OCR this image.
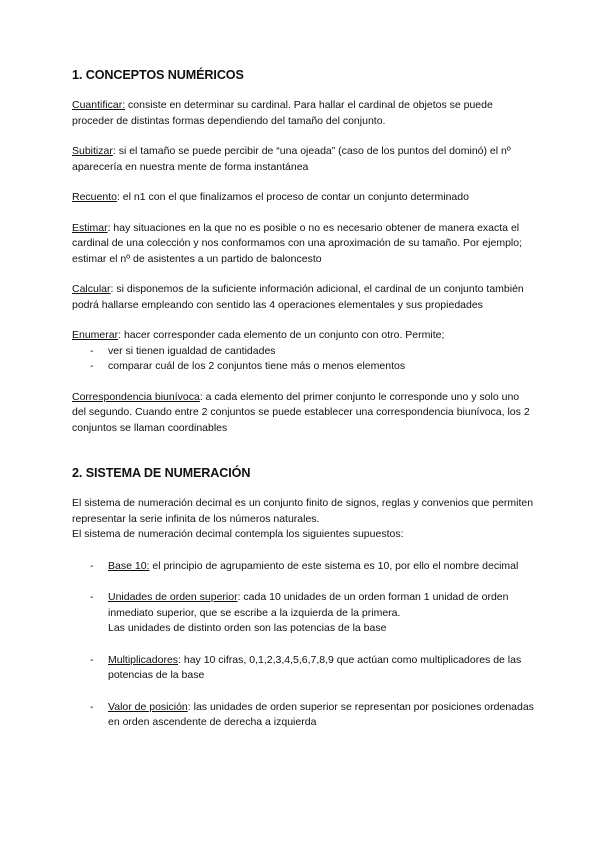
1. CONCEPTOS NUMÉRICOS

Cuantificar: consiste en determinar su cardinal. Para hallar el cardinal de objetos se puede proceder de distintas formas dependiendo del tamaño del conjunto.

Subitizar: si el tamaño se puede percibir de “una ojeada” (caso de los puntos del dominó) el nº aparecería en nuestra mente de forma instantánea

Recuento: el n1 con el que finalizamos el proceso de contar un conjunto determinado

Estimar: hay situaciones en la que no es posible o no es necesario obtener de manera exacta el cardinal de una colección y nos conformamos con una aproximación de su tamaño. Por ejemplo; estimar el nº de asistentes a un partido de baloncesto

Calcular: si disponemos de la suficiente información adicional, el cardinal de un conjunto también podrá hallarse empleando con sentido las 4 operaciones elementales y sus propiedades

Enumerar: hacer corresponder cada elemento de un conjunto con otro. Permite;

- ver si tienen igualdad de cantidades
- comparar cuál de los 2 conjuntos tiene más o menos elementos

Correspondencia biunívoca: a cada elemento del primer conjunto le corresponde uno y solo uno del segundo. Cuando entre 2 conjuntos se puede establecer una correspondencia biunívoca, los 2 conjuntos se llaman coordinables

2. SISTEMA DE NUMERACIÓN

El sistema de numeración decimal es un conjunto finito de signos, reglas y convenios que permiten representar la serie infinita de los números naturales.
El sistema de numeración decimal contempla los siguientes supuestos:

- Base 10: el principio de agrupamiento de este sistema es 10, por ello el nombre decimal
- Unidades de orden superior: cada 10 unidades de un orden forman 1 unidad de orden inmediato superior, que se escribe a la izquierda de la primera.
Las unidades de distinto orden son las potencias de la base
- Multiplicadores: hay 10 cifras, 0,1,2,3,4,5,6,7,8,9 que actúan como multiplicadores de las potencias de la base
- Valor de posición: las unidades de orden superior se representan por posiciones ordenadas en orden ascendente de derecha a izquierda
